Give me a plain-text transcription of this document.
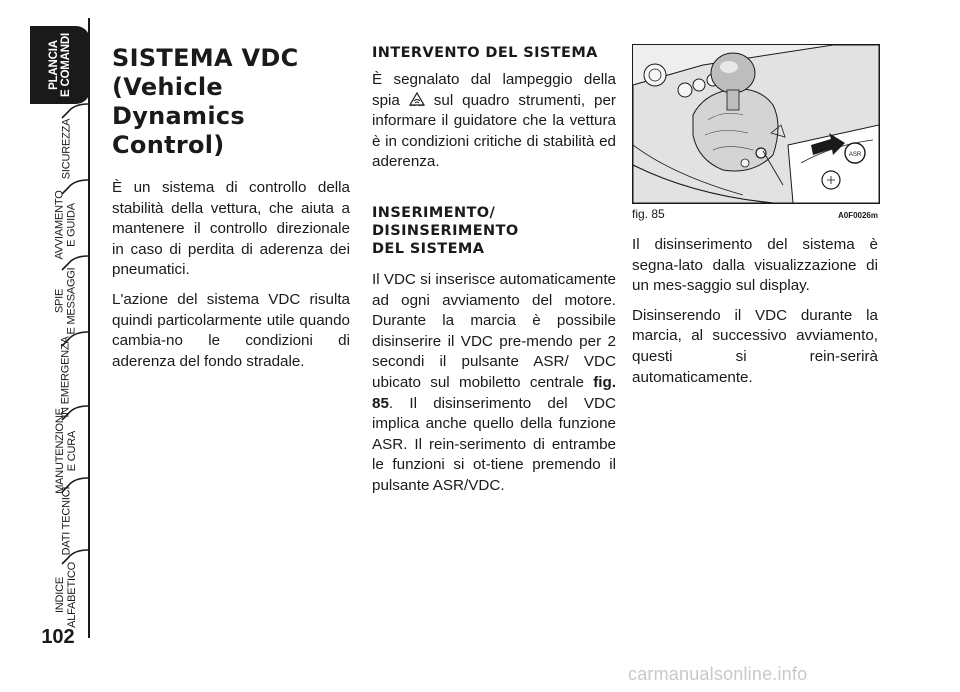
PLANCIA
E COMANDI
SICUREZZA
AVVIAMENTO
E GUIDA
SPIE
E MESSAGGI
IN EMERGENZA
MANUTENZIONE
E CURA
DATI TECNICI
INDICE
ALFABETICO
102
SISTEMA VDC
(Vehicle Dynamics
Control)

È un sistema di controllo della stabilità della vettura, che aiuta a mantenere il controllo direzionale in caso di perdita di aderenza dei pneumatici.

L'azione del sistema VDC risulta quindi particolarmente utile quando cambia-no le condizioni di aderenza del fondo stradale.

INTERVENTO DEL SISTEMA

È segnalato dal lampeggio della spia sul quadro strumenti, per informare il guidatore che la vettura è in condizioni critiche di stabilità ed aderenza.

INSERIMENTO/
DISINSERIMENTO
DEL SISTEMA

Il VDC si inserisce automaticamente ad ogni avviamento del motore. Durante la marcia è possibile disinserire il VDC pre-mendo per 2 secondi il pulsante ASR/ VDC ubicato sul mobiletto centrale fig. 85. Il disinserimento del VDC implica anche quello della funzione ASR. Il rein-serimento di entrambe le funzioni si ot-tiene premendo il pulsante ASR/VDC.

ASR
fig. 85	A0F0026m

Il disinserimento del sistema è segna-lato dalla visualizzazione di un mes-saggio sul display.

Disinserendo il VDC durante la marcia, al successivo avviamento, questi si rein-serirà automaticamente.

carmanualsonline.info
